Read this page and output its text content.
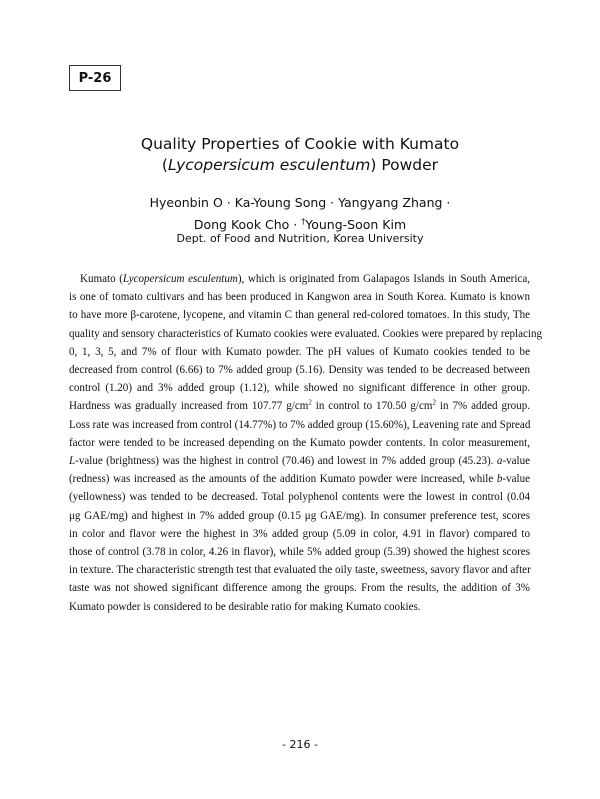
P-26
Quality Properties of Cookie with Kumato
(Lycopersicum esculentum) Powder
Hyeonbin O · Ka-Young Song · Yangyang Zhang ·
Dong Kook Cho · †Young-Soon Kim
Dept. of Food and Nutrition, Korea University
Kumato (Lycopersicum esculentum), which is originated from Galapagos Islands in South America,
is one of tomato cultivars and has been produced in Kangwon area in South Korea. Kumato is known
to have more β-carotene, lycopene, and vitamin C than general red-colored tomatoes. In this study, The
quality and sensory characteristics of Kumato cookies were evaluated. Cookies were prepared by replacing
0, 1, 3, 5, and 7% of flour with Kumato powder. The pH values of Kumato cookies tended to be
decreased from control (6.66) to 7% added group (5.16). Density was tended to be decreased between
control (1.20) and 3% added group (1.12), while showed no significant difference in other group.
Hardness was gradually increased from 107.77 $g/cm^2$ in control to 170.50 $g/cm^2$ in 7% added group.
Loss rate was increased from control (14.77%) to 7% added group (15.60%), Leavening rate and Spread
factor were tended to be increased depending on the Kumato powder contents. In color measurement,
L-value (brightness) was the highest in control (70.46) and lowest in 7% added group (45.23). a-value
(redness) was increased as the amounts of the addition Kumato powder were increased, while b-value
(yellowness) was tended to be decreased. Total polyphenol contents were the lowest in control (0.04
μg GAE/mg) and highest in 7% added group (0.15 μg GAE/mg). In consumer preference test, scores
in color and flavor were the highest in 3% added group (5.09 in color, 4.91 in flavor) compared to
those of control (3.78 in color, 4.26 in flavor), while 5% added group (5.39) showed the highest scores
in texture. The characteristic strength test that evaluated the oily taste, sweetness, savory flavor and after
taste was not showed significant difference among the groups. From the results, the addition of 3%
Kumato powder is considered to be desirable ratio for making Kumato cookies.
- 216 -
